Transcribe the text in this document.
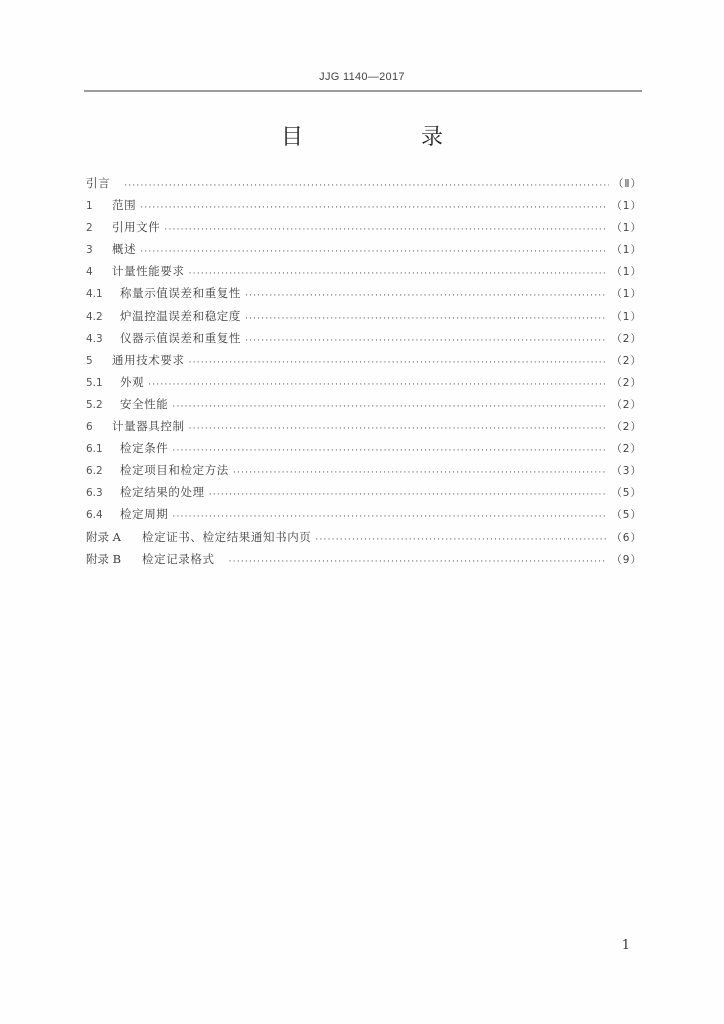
JJG 1140—2017
目　录
引言 ·····	（Ⅱ）
1	范围 ·····	（1）
2	引用文件 ·····	（1）
3	概述 ·····	（1）
4	计量性能要求 ·····	（1）
4.1	称量示值误差和重复性 ·····	（1）
4.2	炉温控温误差和稳定度 ·····	（1）
4.3	仪器示值误差和重复性 ·····	（2）
5	通用技术要求 ·····	（2）
5.1	外观 ·····	（2）
5.2	安全性能 ·····	（2）
6	计量器具控制 ·····	（2）
6.1	检定条件 ·····	（2）
6.2	检定项目和检定方法 ·····	（3）
6.3	检定结果的处理 ·····	（5）
6.4	检定周期 ·····	（5）
附录 A	检定证书、检定结果通知书内页 ·····	（6）
附录 B	检定记录格式 ·····	（9）
1
